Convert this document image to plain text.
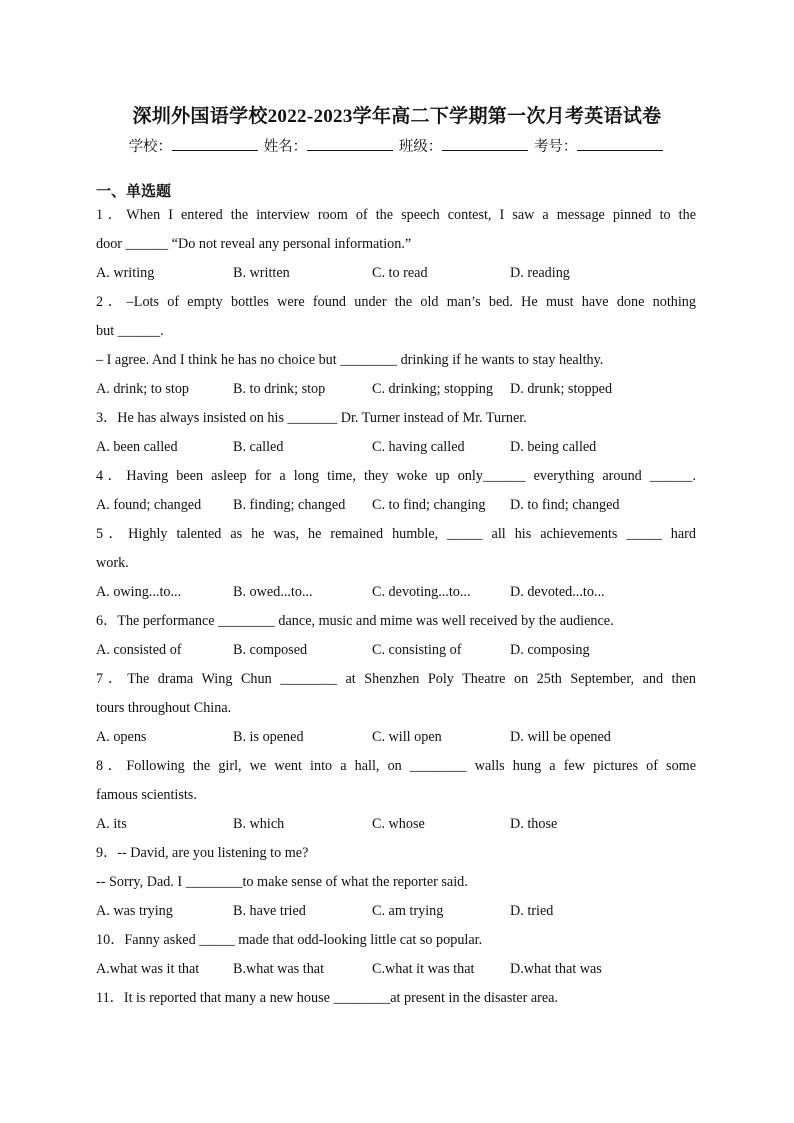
深圳外国语学校2022-2023学年高二下学期第一次月考英语试卷
学校：	姓名：	班级：	考号：
一、单选题
1．When I entered the interview room of the speech contest, I saw a message pinned to the
door ______ “Do not reveal any personal information.”
A. writing	B. written	C. to read	D. reading
2．–Lots of empty bottles were found under the old man’s bed. He must have done nothing
but ______.
– I agree. And I think he has no choice but ________ drinking if he wants to stay healthy.
A. drink; to stop	B. to drink; stop	C. drinking; stopping	D. drunk; stopped
3．He has always insisted on his _______ Dr. Turner instead of Mr. Turner.
A. been called	B. called	C. having called	D. being called
4．Having been asleep for a long time, they woke up only______ everything around ______.
A. found; changed	B. finding; changed	C. to find; changing	D. to find; changed
5．Highly talented as he was, he remained humble, _____ all his achievements _____ hard
work.
A. owing...to...	B. owed...to...	C. devoting...to...	D. devoted...to...
6．The performance ________ dance, music and mime was well received by the audience.
A. consisted of	B. composed	C. consisting of	D. composing
7．The drama Wing Chun ________ at Shenzhen Poly Theatre on 25th September, and then
tours throughout China.
A. opens	B. is opened	C. will open	D. will be opened
8．Following the girl, we went into a hall, on ________ walls hung a few pictures of some
famous scientists.
A. its	B. which	C. whose	D. those
9．-- David, are you listening to me?
-- Sorry, Dad. I ________to make sense of what the reporter said.
A. was trying	B. have tried	C. am trying	D. tried
10．Fanny asked _____ made that odd-looking little cat so popular.
A.what was it that	B.what was that	C.what it was that	D.what that was
11．It is reported that many a new house ________at present in the disaster area.
